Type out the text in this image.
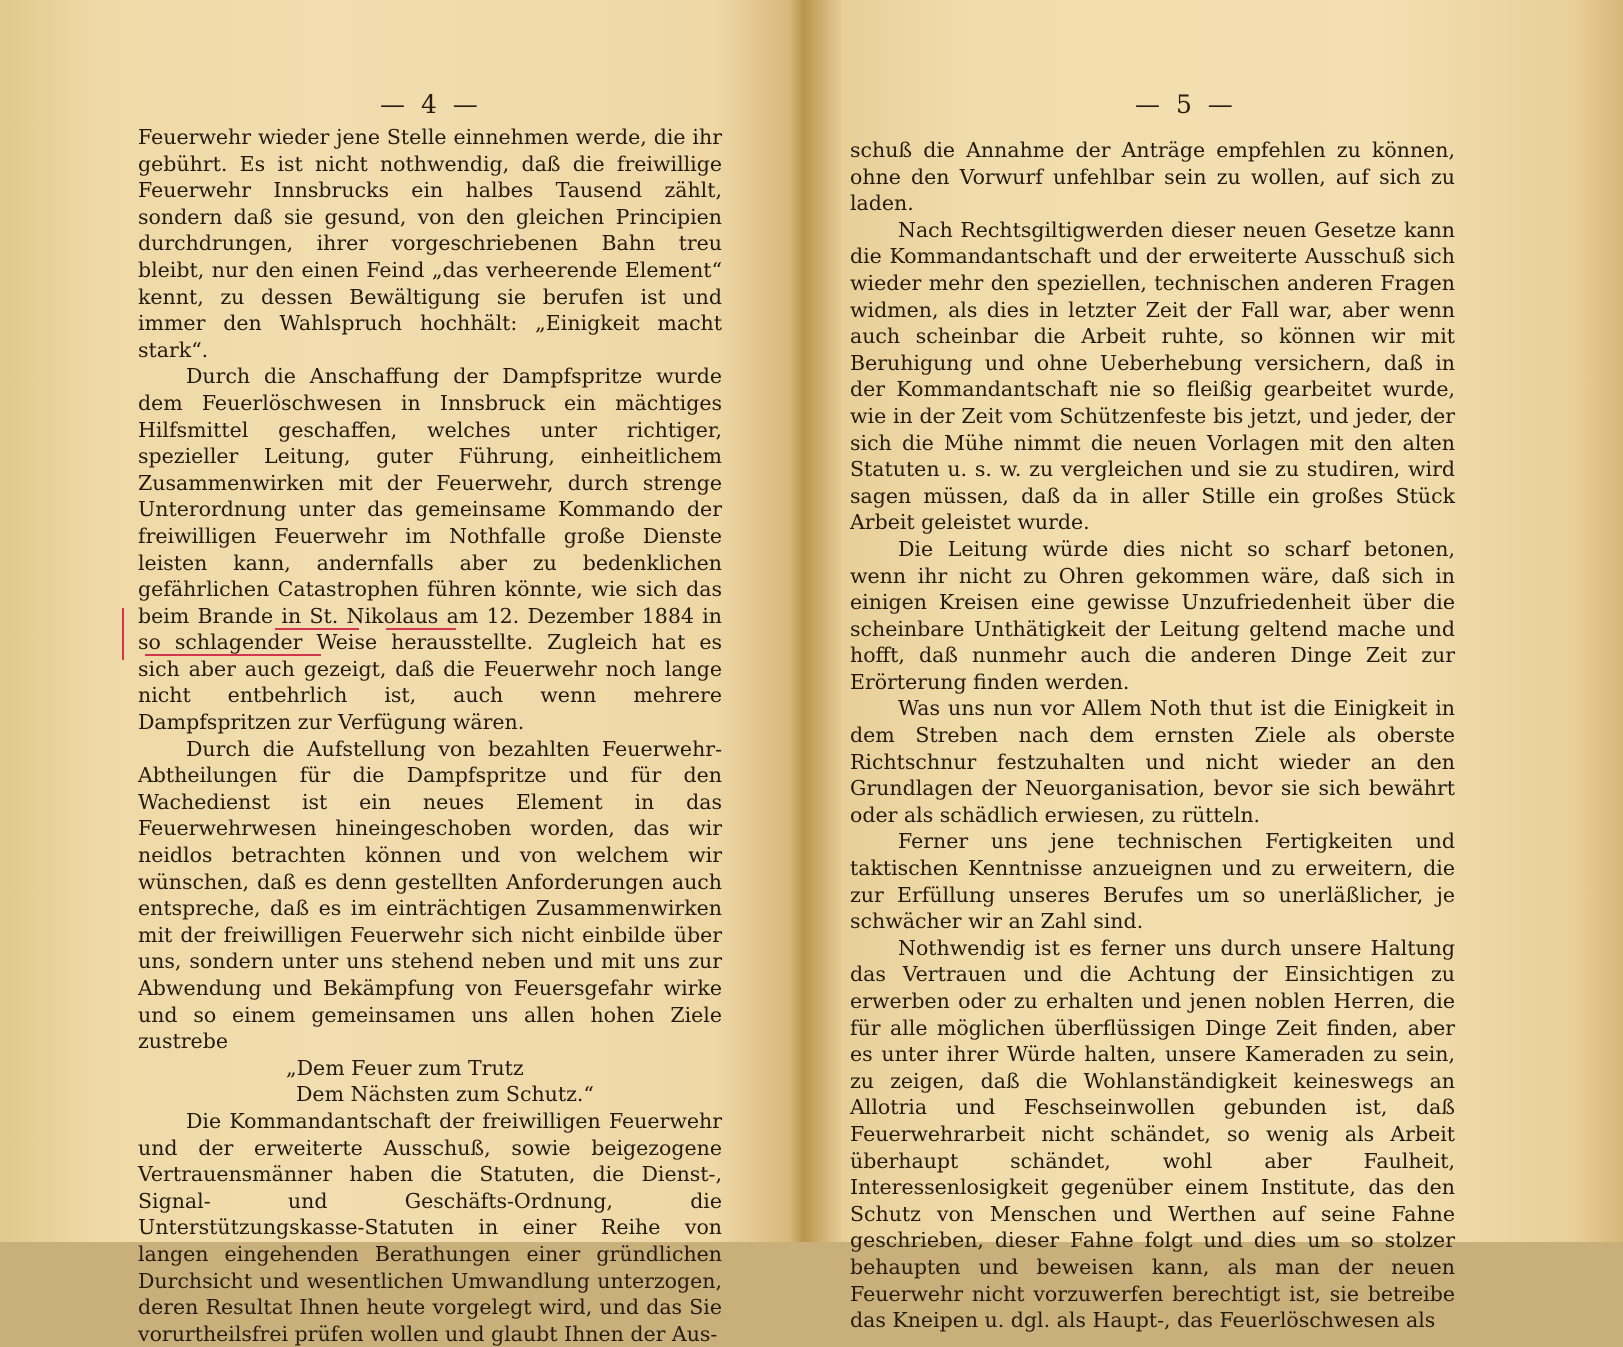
— 4 —

Feuerwehr wieder jene Stelle einnehmen werde, die ihr gebührt. Es ist nicht nothwendig, daß die freiwillige Feuerwehr Innsbrucks ein halbes Tausend zählt, sondern daß sie gesund, von den gleichen Principien durchdrungen, ihrer vorgeschriebenen Bahn treu bleibt, nur den einen Feind „das verheerende Element“ kennt, zu dessen Bewältigung sie berufen ist und immer den Wahlspruch hochhält: „Einigkeit macht stark“.

Durch die Anschaffung der Dampfspritze wurde dem Feuerlöschwesen in Innsbruck ein mächtiges Hilfsmittel geschaffen, welches unter richtiger, spezieller Leitung, guter Führung, einheitlichem Zusammenwirken mit der Feuerwehr, durch strenge Unterordnung unter das gemeinsame Kommando der freiwilligen Feuerwehr im Nothfalle große Dienste leisten kann, andernfalls aber zu bedenklichen gefährlichen Catastrophen führen könnte, wie sich das beim Brande in St. Nikolaus am 12. Dezember 1884 in so schlagender Weise herausstellte. Zugleich hat es sich aber auch gezeigt, daß die Feuerwehr noch lange nicht entbehrlich ist, auch wenn mehrere Dampfspritzen zur Verfügung wären.

Durch die Aufstellung von bezahlten Feuerwehr-Abtheilungen für die Dampfspritze und für den Wachedienst ist ein neues Element in das Feuerwehrwesen hineingeschoben worden, das wir neidlos betrachten können und von welchem wir wünschen, daß es denn gestellten Anforderungen auch entspreche, daß es im einträchtigen Zusammenwirken mit der freiwilligen Feuerwehr sich nicht einbilde über uns, sondern unter uns stehend neben und mit uns zur Abwendung und Bekämpfung von Feuersgefahr wirke und so einem gemeinsamen uns allen hohen Ziele zustrebe

„Dem Feuer zum Trutz
Dem Nächsten zum Schutz.“

Die Kommandantschaft der freiwilligen Feuerwehr und der erweiterte Ausschuß, sowie beigezogene Vertrauensmänner haben die Statuten, die Dienst-, Signal- und Geschäfts-Ordnung, die Unterstützungskasse-Statuten in einer Reihe von langen eingehenden Berathungen einer gründlichen Durchsicht und wesentlichen Umwandlung unterzogen, deren Resultat Ihnen heute vorgelegt wird, und das Sie vorurtheilsfrei prüfen wollen und glaubt Ihnen der Aus-

— 5 —

schuß die Annahme der Anträge empfehlen zu können, ohne den Vorwurf unfehlbar sein zu wollen, auf sich zu laden.

Nach Rechtsgiltigwerden dieser neuen Gesetze kann die Kommandantschaft und der erweiterte Ausschuß sich wieder mehr den speziellen, technischen anderen Fragen widmen, als dies in letzter Zeit der Fall war, aber wenn auch scheinbar die Arbeit ruhte, so können wir mit Beruhigung und ohne Ueberhebung versichern, daß in der Kommandantschaft nie so fleißig gearbeitet wurde, wie in der Zeit vom Schützenfeste bis jetzt, und jeder, der sich die Mühe nimmt die neuen Vorlagen mit den alten Statuten u. s. w. zu vergleichen und sie zu studiren, wird sagen müssen, daß da in aller Stille ein großes Stück Arbeit geleistet wurde.

Die Leitung würde dies nicht so scharf betonen, wenn ihr nicht zu Ohren gekommen wäre, daß sich in einigen Kreisen eine gewisse Unzufriedenheit über die scheinbare Unthätigkeit der Leitung geltend mache und hofft, daß nunmehr auch die anderen Dinge Zeit zur Erörterung finden werden.

Was uns nun vor Allem Noth thut ist die Einigkeit in dem Streben nach dem ernsten Ziele als oberste Richtschnur festzuhalten und nicht wieder an den Grundlagen der Neuorganisation, bevor sie sich bewährt oder als schädlich erwiesen, zu rütteln.

Ferner uns jene technischen Fertigkeiten und taktischen Kenntnisse anzueignen und zu erweitern, die zur Erfüllung unseres Berufes um so unerläßlicher, je schwächer wir an Zahl sind.

Nothwendig ist es ferner uns durch unsere Haltung das Vertrauen und die Achtung der Einsichtigen zu erwerben oder zu erhalten und jenen noblen Herren, die für alle möglichen überflüssigen Dinge Zeit finden, aber es unter ihrer Würde halten, unsere Kameraden zu sein, zu zeigen, daß die Wohlanständigkeit keineswegs an Allotria und Feschseinwollen gebunden ist, daß Feuerwehrarbeit nicht schändet, so wenig als Arbeit überhaupt schändet, wohl aber Faulheit, Interessenlosigkeit gegenüber einem Institute, das den Schutz von Menschen und Werthen auf seine Fahne geschrieben, dieser Fahne folgt und dies um so stolzer behaupten und beweisen kann, als man der neuen Feuerwehr nicht vorzuwerfen berechtigt ist, sie betreibe das Kneipen u. dgl. als Haupt-, das Feuerlöschwesen als
